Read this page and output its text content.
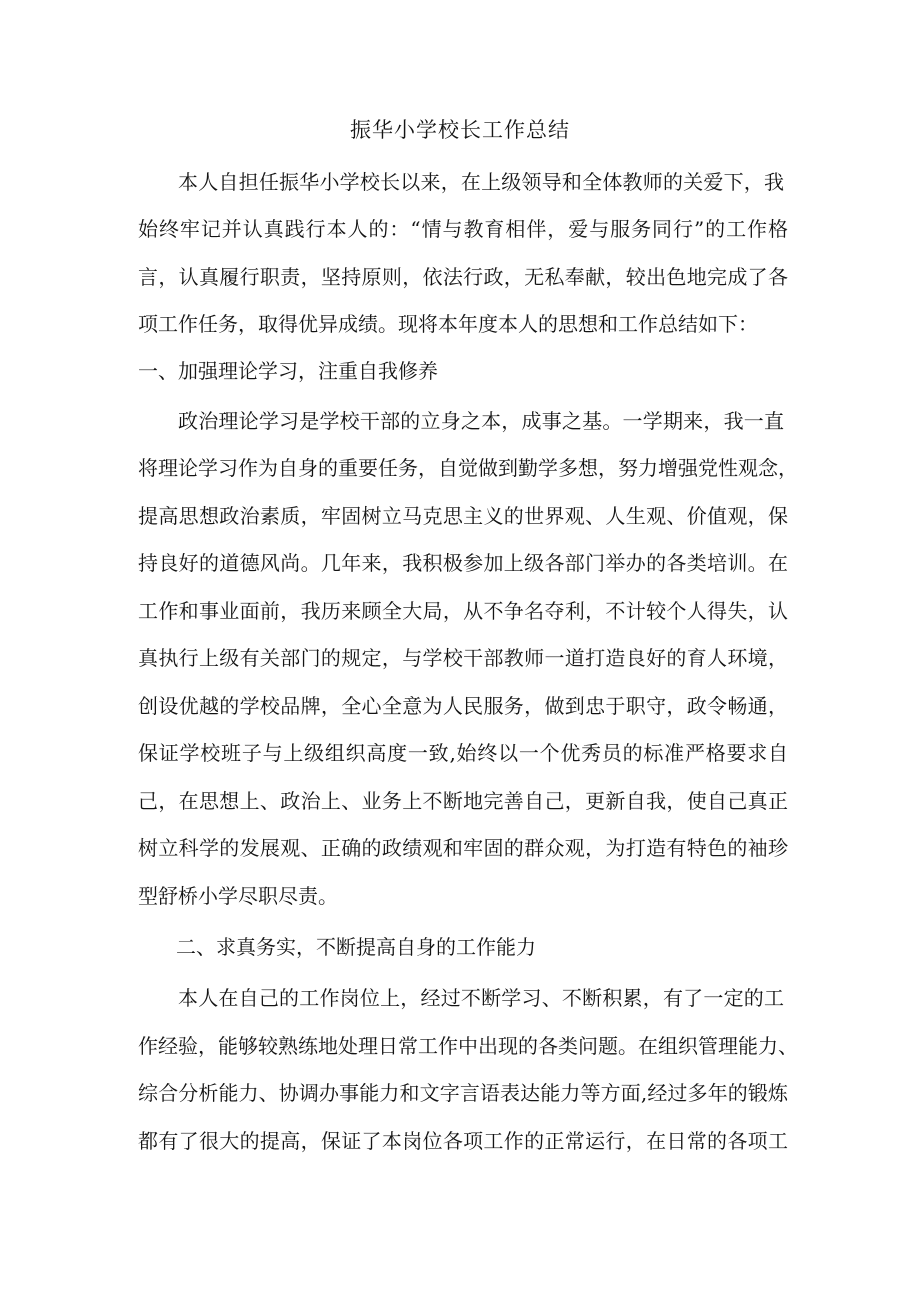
振华小学校长工作总结

本人自担任振华小学校长以来，在上级领导和全体教师的关爱下，我

始终牢记并认真践行本人的：“情与教育相伴，爱与服务同行”的工作格

言，认真履行职责，坚持原则，依法行政，无私奉献，较出色地完成了各

项工作任务，取得优异成绩。现将本年度本人的思想和工作总结如下：

一、加强理论学习，注重自我修养

政治理论学习是学校干部的立身之本，成事之基。一学期来，我一直

将理论学习作为自身的重要任务，自觉做到勤学多想，努力增强党性观念，

提高思想政治素质，牢固树立马克思主义的世界观、人生观、价值观，保

持良好的道德风尚。几年来，我积极参加上级各部门举办的各类培训。在

工作和事业面前，我历来顾全大局，从不争名夺利，不计较个人得失，认

真执行上级有关部门的规定，与学校干部教师一道打造良好的育人环境，

创设优越的学校品牌，全心全意为人民服务，做到忠于职守，政令畅通，

保证学校班子与上级组织高度一致,始终以一个优秀员的标准严格要求自

己，在思想上、政治上、业务上不断地完善自己，更新自我，使自己真正

树立科学的发展观、正确的政绩观和牢固的群众观，为打造有特色的袖珍

型舒桥小学尽职尽责。

二、求真务实，不断提高自身的工作能力

本人在自己的工作岗位上，经过不断学习、不断积累，有了一定的工

作经验，能够较熟练地处理日常工作中出现的各类问题。在组织管理能力、

综合分析能力、协调办事能力和文字言语表达能力等方面,经过多年的锻炼

都有了很大的提高，保证了本岗位各项工作的正常运行，在日常的各项工
